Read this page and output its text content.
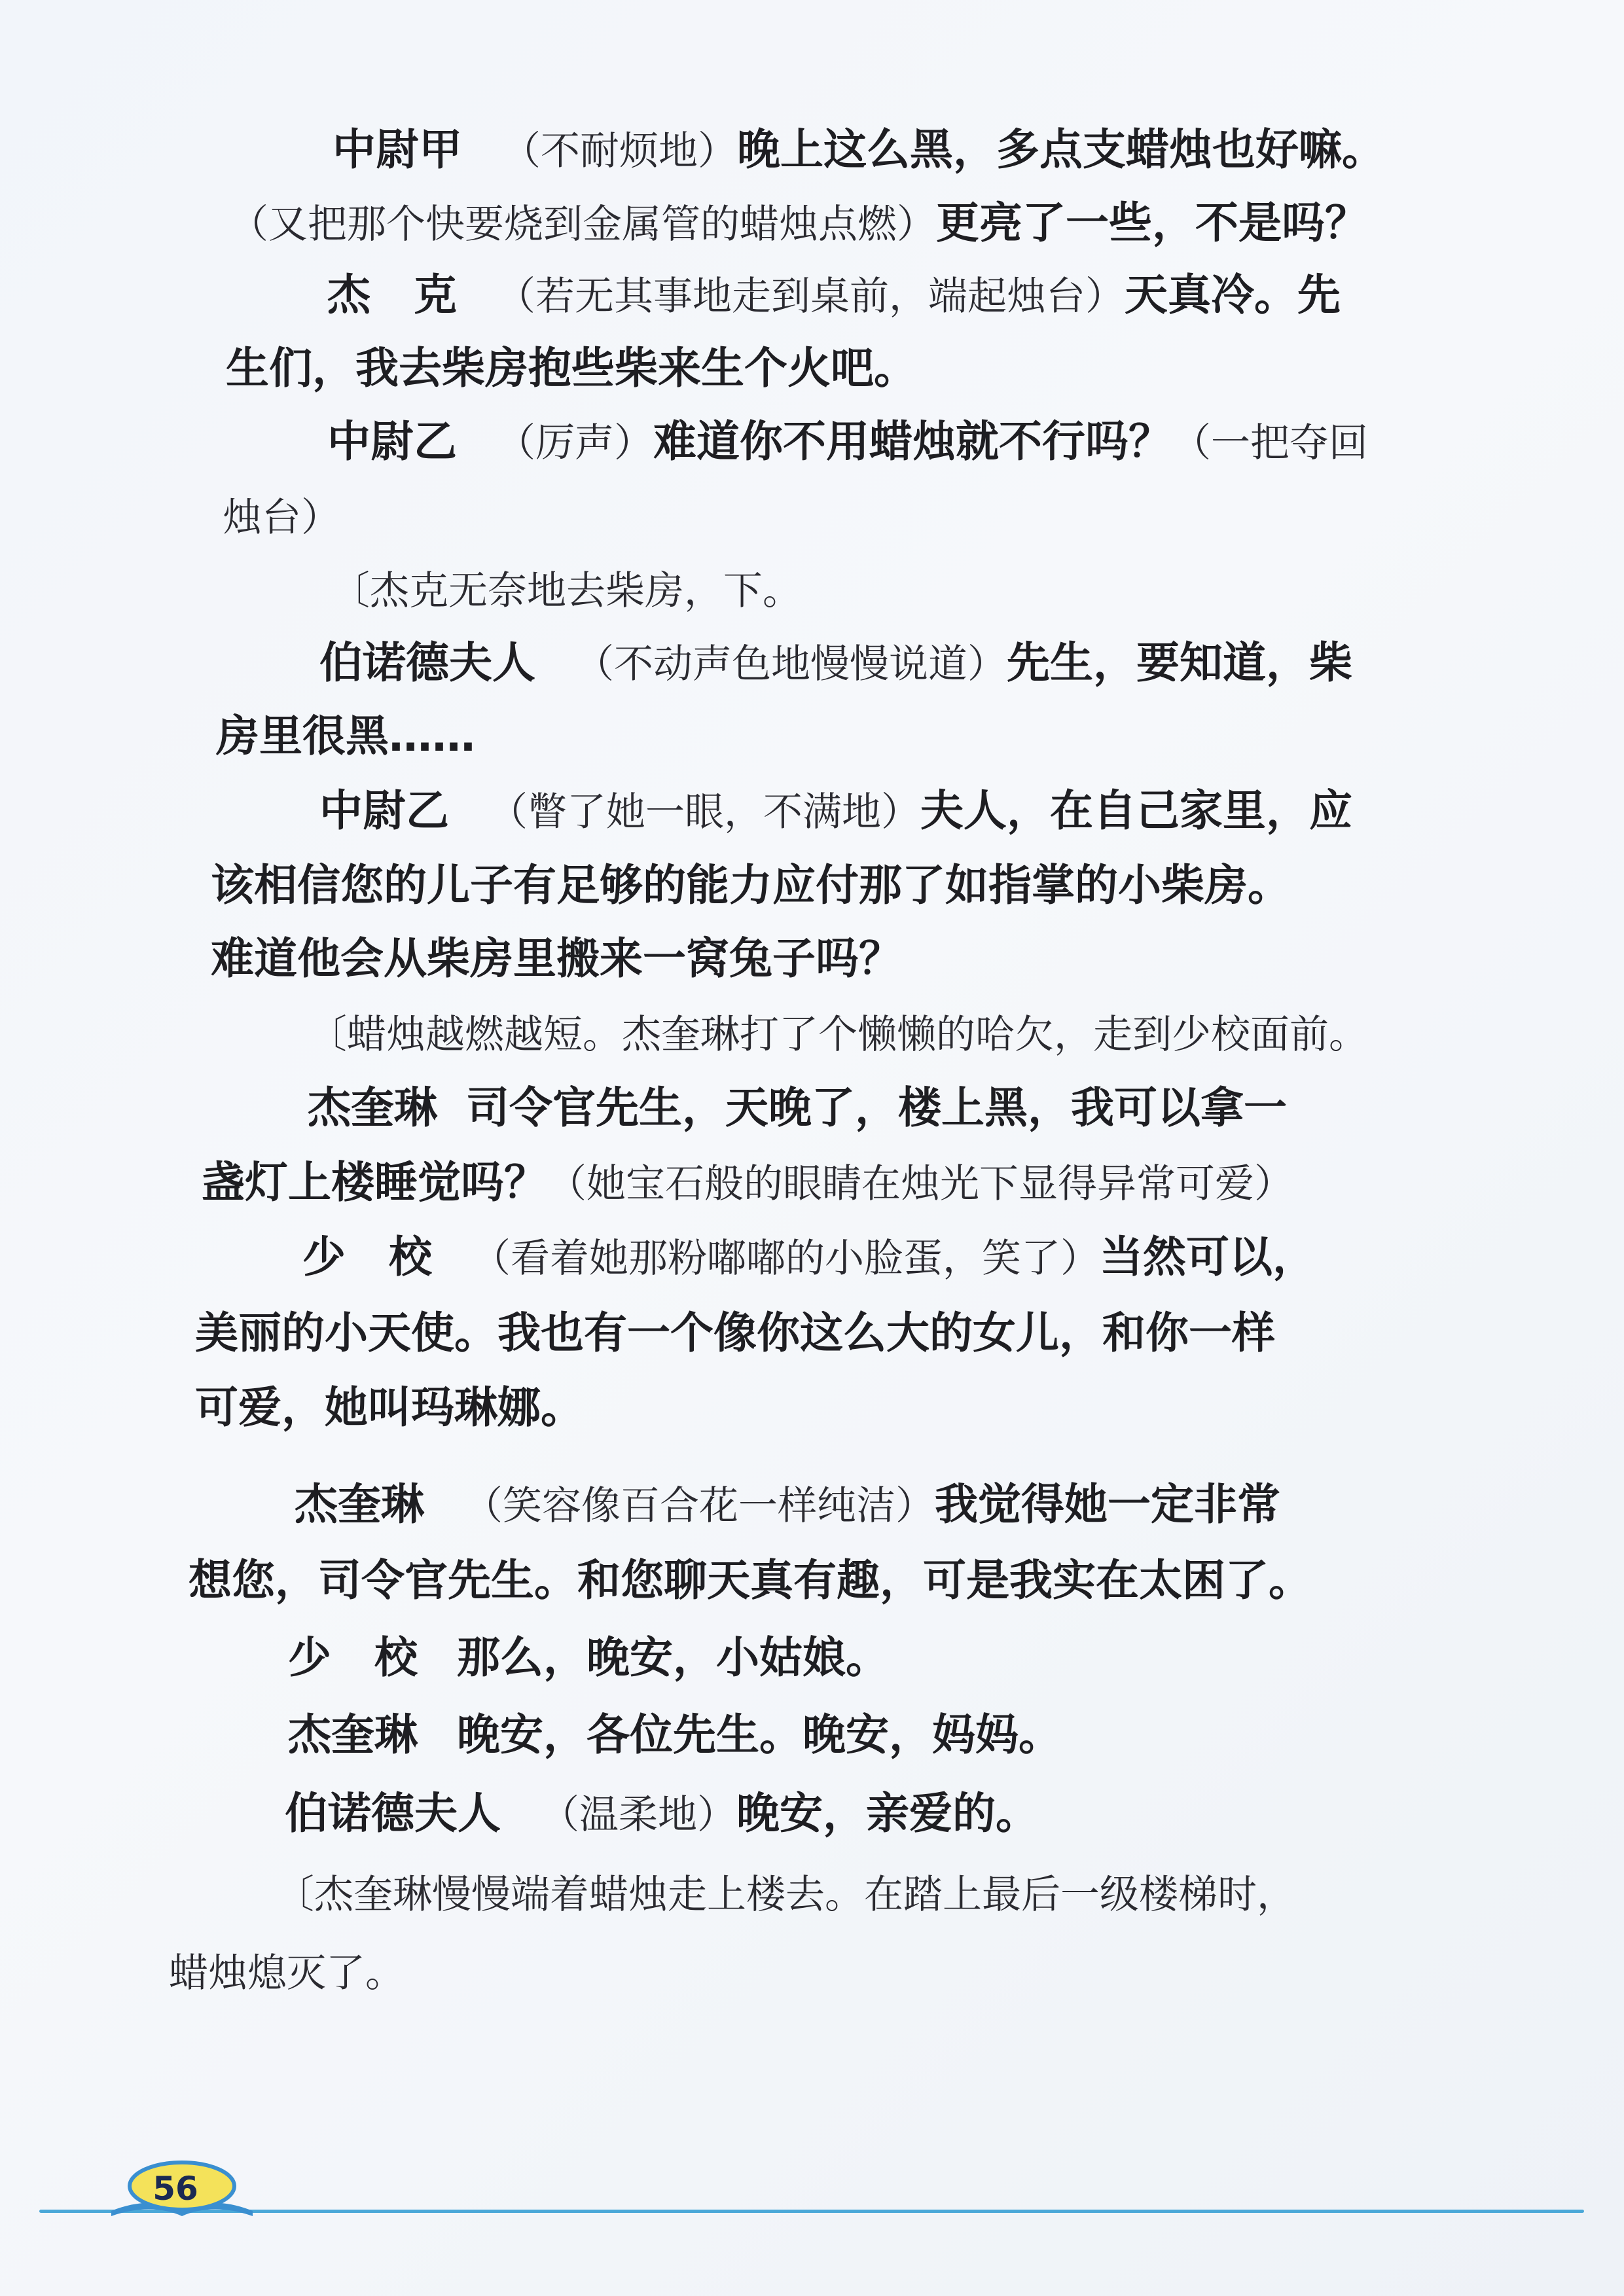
中尉甲 （不耐烦地）晚上这么黑，多点支蜡烛也好嘛。
（又把那个快要烧到金属管的蜡烛点燃）更亮了一些，不是吗？
杰　克 （若无其事地走到桌前，端起烛台）天真冷。先
生们，我去柴房抱些柴来生个火吧。
中尉乙 （厉声）难道你不用蜡烛就不行吗？（一把夺回
烛台）
〔杰克无奈地去柴房，下。
伯诺德夫人 （不动声色地慢慢说道）先生，要知道，柴
房里很黑……
中尉乙 （瞥了她一眼，不满地）夫人，在自己家里，应
该相信您的儿子有足够的能力应付那了如指掌的小柴房。
难道他会从柴房里搬来一窝兔子吗？
〔蜡烛越燃越短。杰奎琳打了个懒懒的哈欠，走到少校面前。
杰奎琳 司令官先生，天晚了，楼上黑，我可以拿一
盏灯上楼睡觉吗？（她宝石般的眼睛在烛光下显得异常可爱）
少　校 （看着她那粉嘟嘟的小脸蛋，笑了）当然可以，
美丽的小天使。我也有一个像你这么大的女儿，和你一样
可爱，她叫玛琳娜。
杰奎琳 （笑容像百合花一样纯洁）我觉得她一定非常
想您，司令官先生。和您聊天真有趣，可是我实在太困了。
少　校 那么，晚安，小姑娘。
杰奎琳 晚安，各位先生。晚安，妈妈。
伯诺德夫人 （温柔地）晚安，亲爱的。
〔杰奎琳慢慢端着蜡烛走上楼去。在踏上最后一级楼梯时，
蜡烛熄灭了。
56
